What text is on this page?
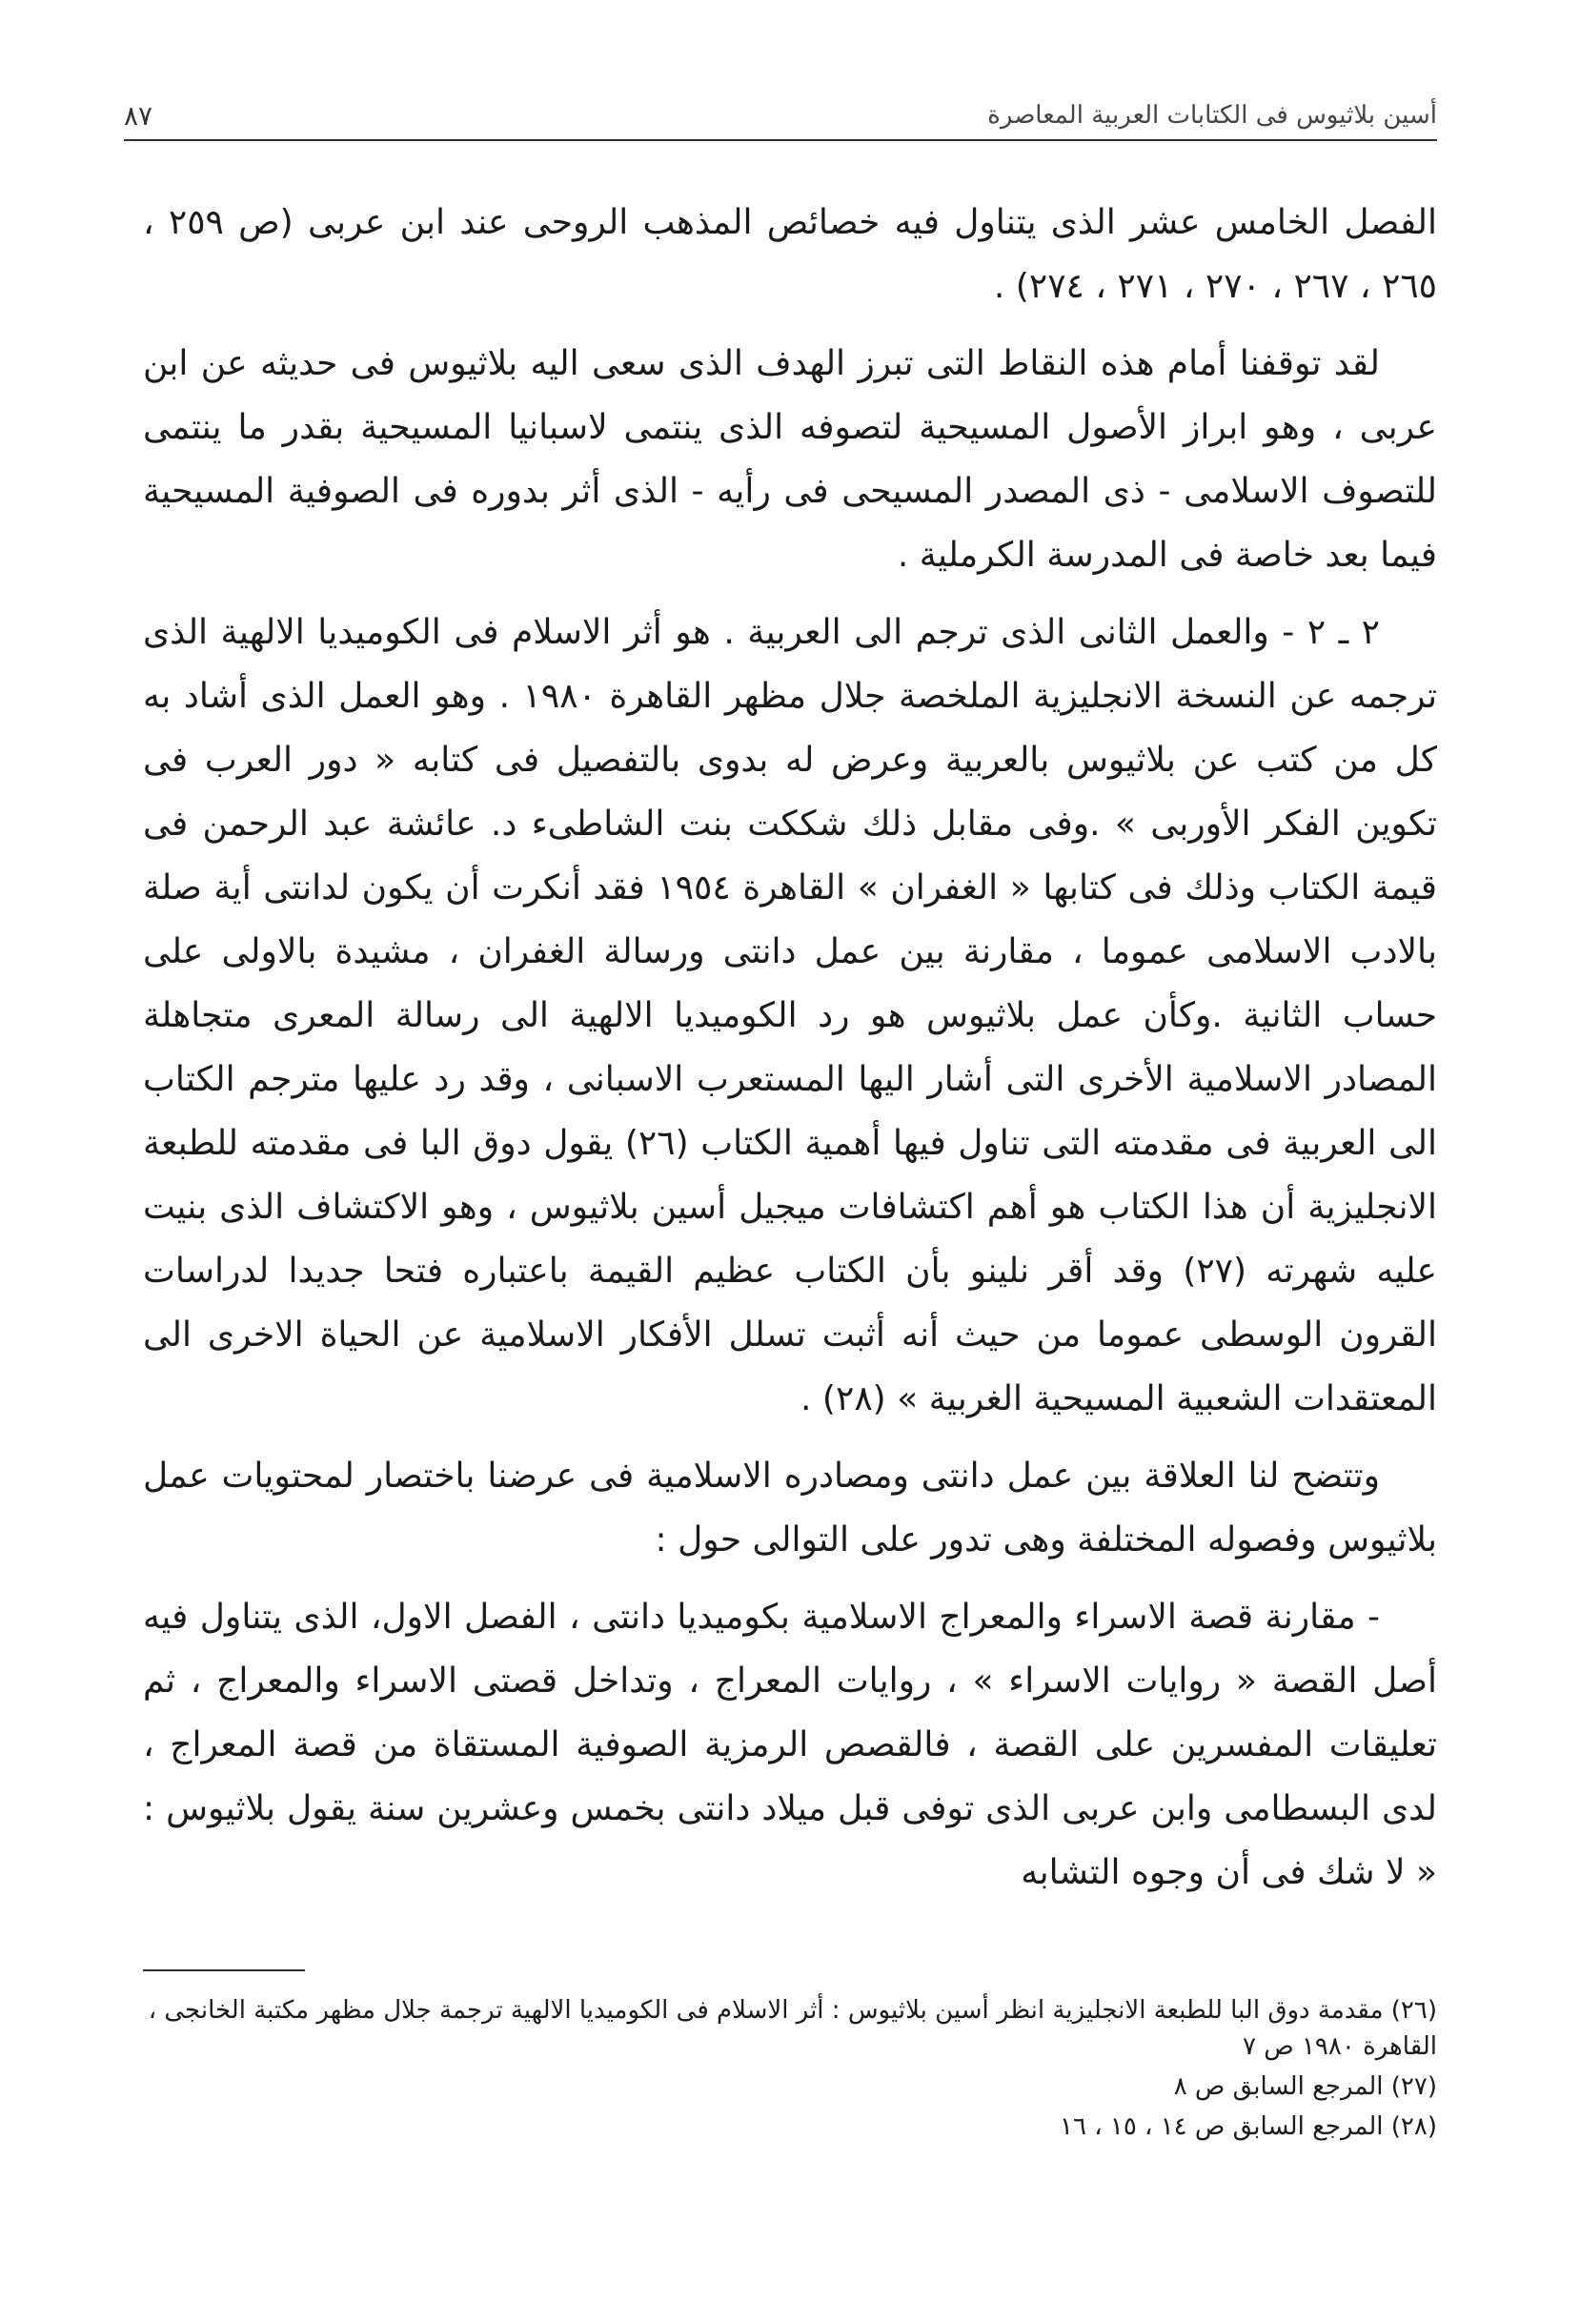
أسين بلاثيوس فى الكتابات العربية المعاصرة
٨٧

الفصل الخامس عشر الذى يتناول فيه خصائص المذهب الروحى عند ابن عربى (ص ٢٥٩ ، ٢٦٥ ، ٢٦٧ ، ٢٧٠ ، ٢٧١ ، ٢٧٤) .

لقد توقفنا أمام هذه النقاط التى تبرز الهدف الذى سعى اليه بلاثيوس فى حديثه عن ابن عربى ، وهو ابراز الأصول المسيحية لتصوفه الذى ينتمى لاسبانيا المسيحية بقدر ما ينتمى للتصوف الاسلامى - ذى المصدر المسيحى فى رأيه - الذى أثر بدوره فى الصوفية المسيحية فيما بعد خاصة فى المدرسة الكرملية .

٢ ـ ٢ - والعمل الثانى الذى ترجم الى العربية . هو أثر الاسلام فى الكوميديا الالهية الذى ترجمه عن النسخة الانجليزية الملخصة جلال مظهر القاهرة ١٩٨٠ . وهو العمل الذى أشاد به كل من كتب عن بلاثيوس بالعربية وعرض له بدوى بالتفصيل فى كتابه « دور العرب فى تكوين الفكر الأوربى » .وفى مقابل ذلك شككت بنت الشاطىء د. عائشة عبد الرحمن فى قيمة الكتاب وذلك فى كتابها « الغفران » القاهرة ١٩٥٤ فقد أنكرت أن يكون لدانتى أية صلة بالادب الاسلامى عموما ، مقارنة بين عمل دانتى ورسالة الغفران ، مشيدة بالاولى على حساب الثانية .وكأن عمل بلاثيوس هو رد الكوميديا الالهية الى رسالة المعرى متجاهلة المصادر الاسلامية الأخرى التى أشار اليها المستعرب الاسبانى ، وقد رد عليها مترجم الكتاب الى العربية فى مقدمته التى تناول فيها أهمية الكتاب (٢٦) يقول دوق البا فى مقدمته للطبعة الانجليزية أن هذا الكتاب هو أهم اكتشافات ميجيل أسين بلاثيوس ، وهو الاكتشاف الذى بنيت عليه شهرته (٢٧) وقد أقر نلينو بأن الكتاب عظيم القيمة باعتباره فتحا جديدا لدراسات القرون الوسطى عموما من حيث أنه أثبت تسلل الأفكار الاسلامية عن الحياة الاخرى الى المعتقدات الشعبية المسيحية الغربية » (٢٨) .

وتتضح لنا العلاقة بين عمل دانتى ومصادره الاسلامية فى عرضنا باختصار لمحتويات عمل بلاثيوس وفصوله المختلفة وهى تدور على التوالى حول :

- مقارنة قصة الاسراء والمعراج الاسلامية بكوميديا دانتى ، الفصل الاول، الذى يتناول فيه أصل القصة « روايات الاسراء » ، روايات المعراج ، وتداخل قصتى الاسراء والمعراج ، ثم تعليقات المفسرين على القصة ، فالقصص الرمزية الصوفية المستقاة من قصة المعراج ، لدى البسطامى وابن عربى الذى توفى قبل ميلاد دانتى بخمس وعشرين سنة يقول بلاثيوس : « لا شك فى أن وجوه التشابه

(٢٦) مقدمة دوق البا للطبعة الانجليزية انظر أسين بلاثيوس : أثر الاسلام فى الكوميديا الالهية ترجمة جلال مظهر مكتبة الخانجى ، القاهرة ١٩٨٠ ص ٧

(٢٧) المرجع السابق ص ٨

(٢٨) المرجع السابق ص ١٤ ، ١٥ ، ١٦
